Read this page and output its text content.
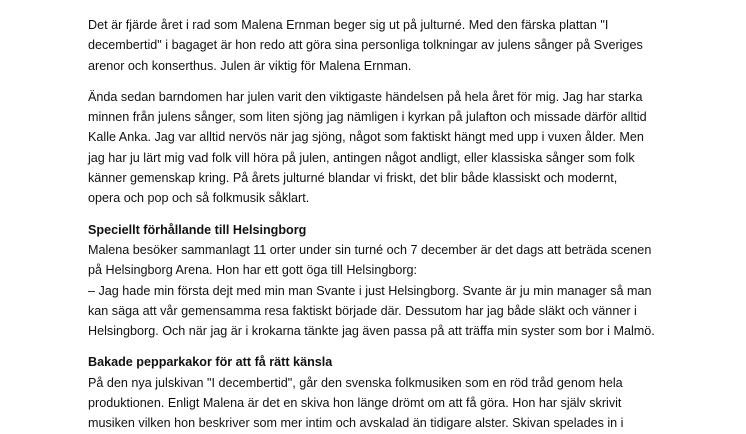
Det är fjärde året i rad som Malena Ernman beger sig ut på julturné. Med den färska plattan "I
decembertid" i bagaget är hon redo att göra sina personliga tolkningar av julens sånger på Sveriges
arenor och konserthus. Julen är viktig för Malena Ernman.

Ända sedan barndomen har julen varit den viktigaste händelsen på hela året för mig. Jag har starka
minnen från julens sånger, som liten sjöng jag nämligen i kyrkan på julafton och missade därför alltid
Kalle Anka. Jag var alltid nervös när jag sjöng, något som faktiskt hängt med upp i vuxen ålder. Men
jag har ju lärt mig vad folk vill höra på julen, antingen något andligt, eller klassiska sånger som folk
känner gemenskap kring. På årets julturné blandar vi friskt, det blir både klassiskt och modernt,
opera och pop och så folkmusik såklart.

Speciellt förhållande till Helsingborg
Malena besöker sammanlagt 11 orter under sin turné och 7 december är det dags att beträda scenen
på Helsingborg Arena. Hon har ett gott öga till Helsingborg:
– Jag hade min första dejt med min man Svante i just Helsingborg. Svante är ju min manager så man
kan säga att vår gemensamma resa faktiskt började där. Dessutom har jag både släkt och vänner i
Helsingborg. Och när jag är i krokarna tänkte jag även passa på att träffa min syster som bor i Malmö.
Bakade pepparkakor för att få rätt känsla
På den nya julskivan "I decembertid", går den svenska folkmusiken som en röd tråd genom hela
produktionen. Enligt Malena är det en skiva hon länge drömt om att få göra. Hon har själv skrivit
musiken vilken hon beskriver som mer intim och avskalad än tidigare alster. Skivan spelades in i
